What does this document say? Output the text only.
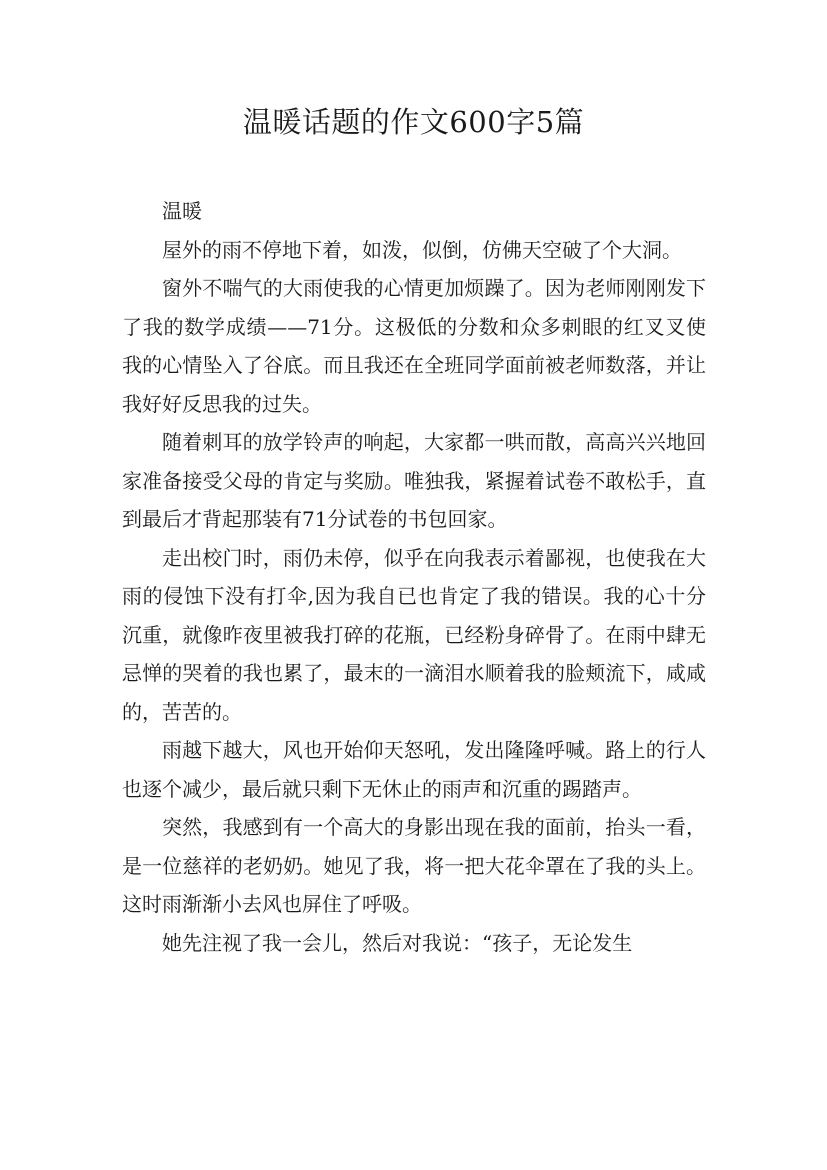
温暖话题的作文600字5篇

温暖

屋外的雨不停地下着，如泼，似倒，仿佛天空破了个大洞。

窗外不喘气的大雨使我的心情更加烦躁了。因为老师刚刚发下了我的数学成绩——71分。这极低的分数和众多刺眼的红叉叉使我的心情坠入了谷底。而且我还在全班同学面前被老师数落，并让我好好反思我的过失。

随着刺耳的放学铃声的响起，大家都一哄而散，高高兴兴地回家准备接受父母的肯定与奖励。唯独我，紧握着试卷不敢松手，直到最后才背起那装有71分试卷的书包回家。

走出校门时，雨仍未停，似乎在向我表示着鄙视，也使我在大雨的侵蚀下没有打伞,因为我自已也肯定了我的错误。我的心十分沉重，就像昨夜里被我打碎的花瓶，已经粉身碎骨了。在雨中肆无忌惮的哭着的我也累了，最末的一滴泪水顺着我的脸颊流下，咸咸的，苦苦的。

雨越下越大，风也开始仰天怒吼，发出隆隆呼喊。路上的行人也逐个减少，最后就只剩下无休止的雨声和沉重的踢踏声。

突然，我感到有一个高大的身影出现在我的面前，抬头一看，是一位慈祥的老奶奶。她见了我，将一把大花伞罩在了我的头上。这时雨渐渐小去风也屏住了呼吸。

她先注视了我一会儿，然后对我说：“孩子，无论发生
